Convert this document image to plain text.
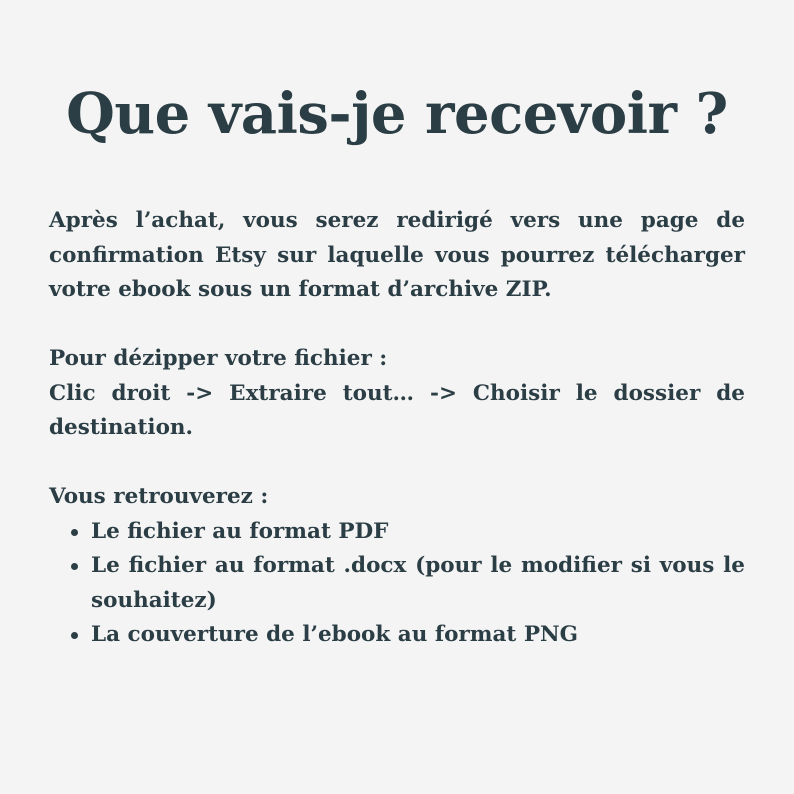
Que vais-je recevoir ?

Après l’achat, vous serez redirigé vers une page de confirmation Etsy sur laquelle vous pourrez télécharger votre ebook sous un format d’archive ZIP.

Pour dézipper votre fichier :

Clic droit -> Extraire tout… -> Choisir le dossier de destination.

Vous retrouverez :

Le fichier au format PDF
Le fichier au format .docx (pour le modifier si vous le souhaitez)
La couverture de l’ebook au format PNG
